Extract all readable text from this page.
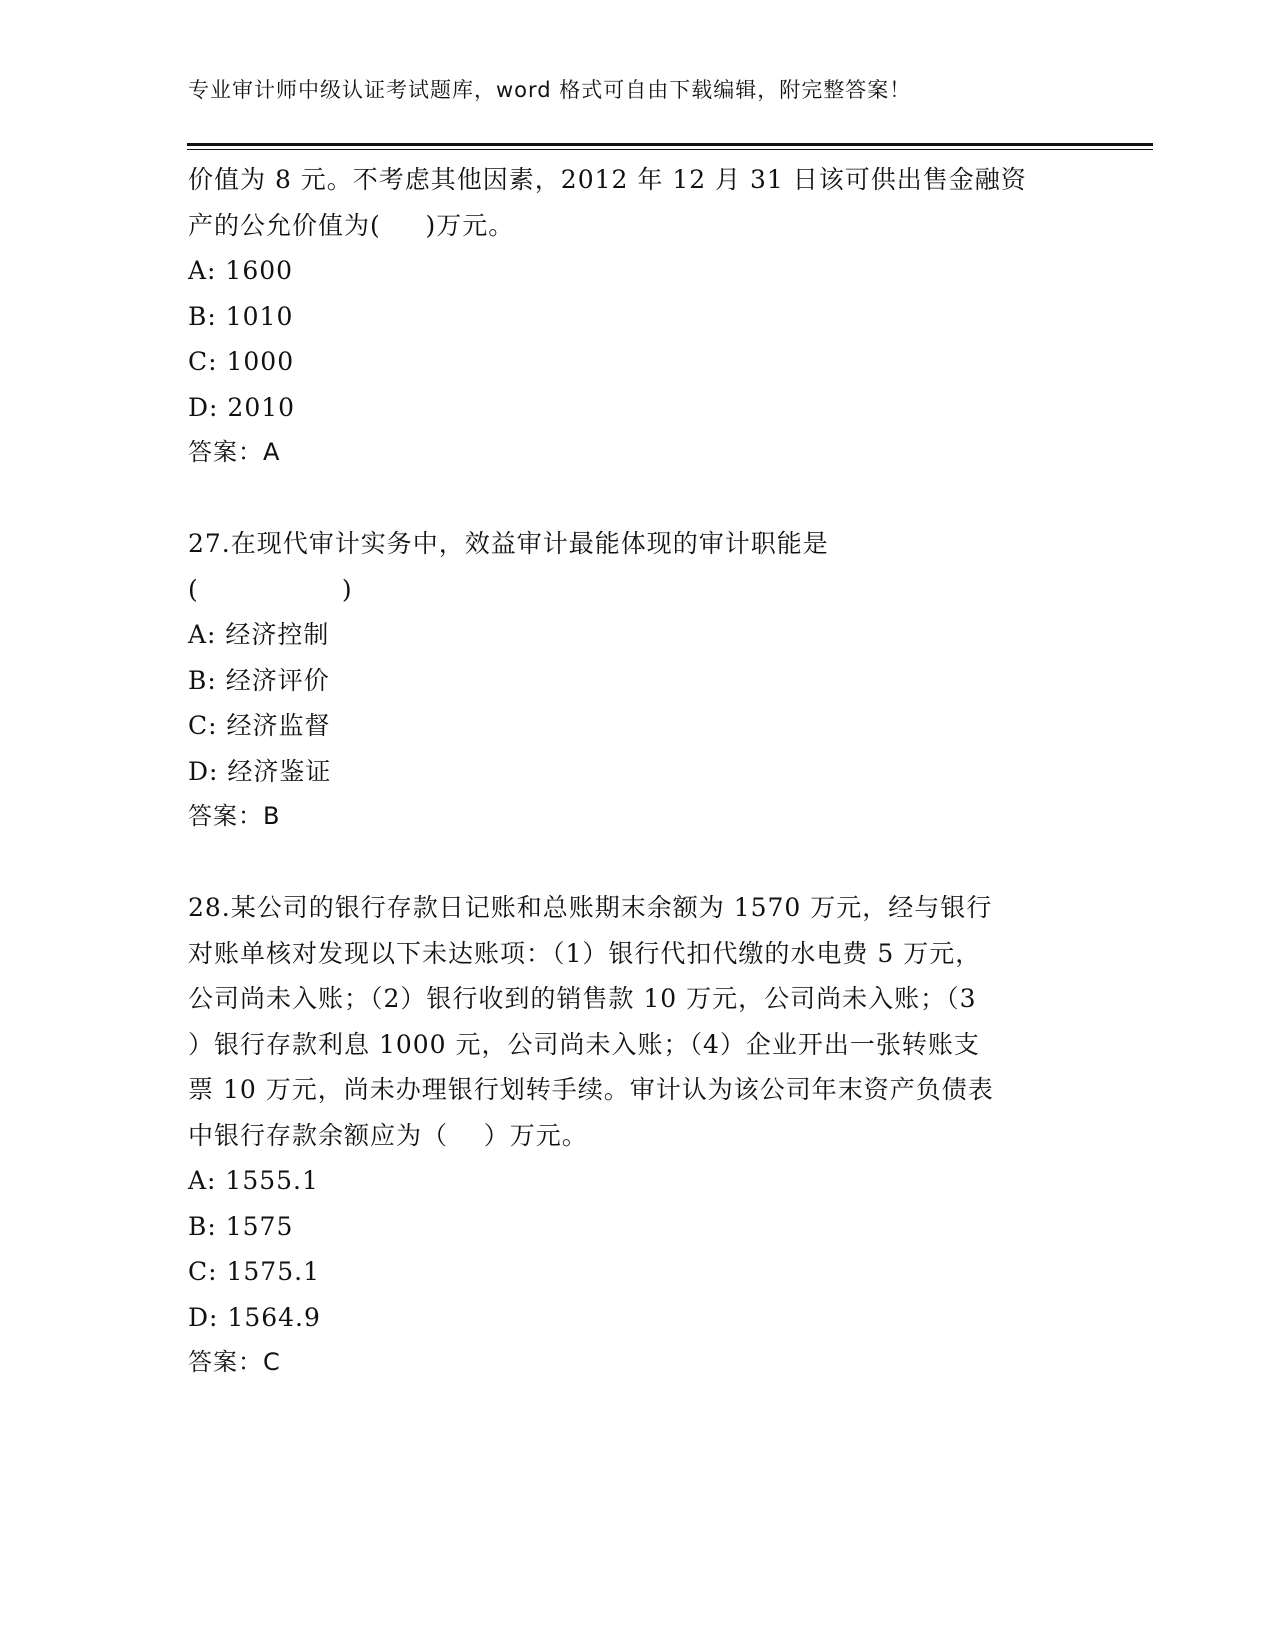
专业审计师中级认证考试题库，word 格式可自由下载编辑，附完整答案！
价值为 8 元。不考虑其他因素，2012 年 12 月 31 日该可供出售金融资
产的公允价值为(     )万元。
A: 1600
B: 1010
C: 1000
D: 2010
答案：A
27.在现代审计实务中，效益审计最能体现的审计职能是
(                )
A: 经济控制
B: 经济评价
C: 经济监督
D: 经济鉴证
答案：B
28.某公司的银行存款日记账和总账期末余额为 1570 万元，经与银行
对账单核对发现以下未达账项：（1）银行代扣代缴的水电费 5 万元，
公司尚未入账；（2）银行收到的销售款 10 万元，公司尚未入账；（3
）银行存款利息 1000 元，公司尚未入账；（4）企业开出一张转账支
票 10 万元，尚未办理银行划转手续。审计认为该公司年末资产负债表
中银行存款余额应为（    ）万元。
A: 1555.1
B: 1575
C: 1575.1
D: 1564.9
答案：C
